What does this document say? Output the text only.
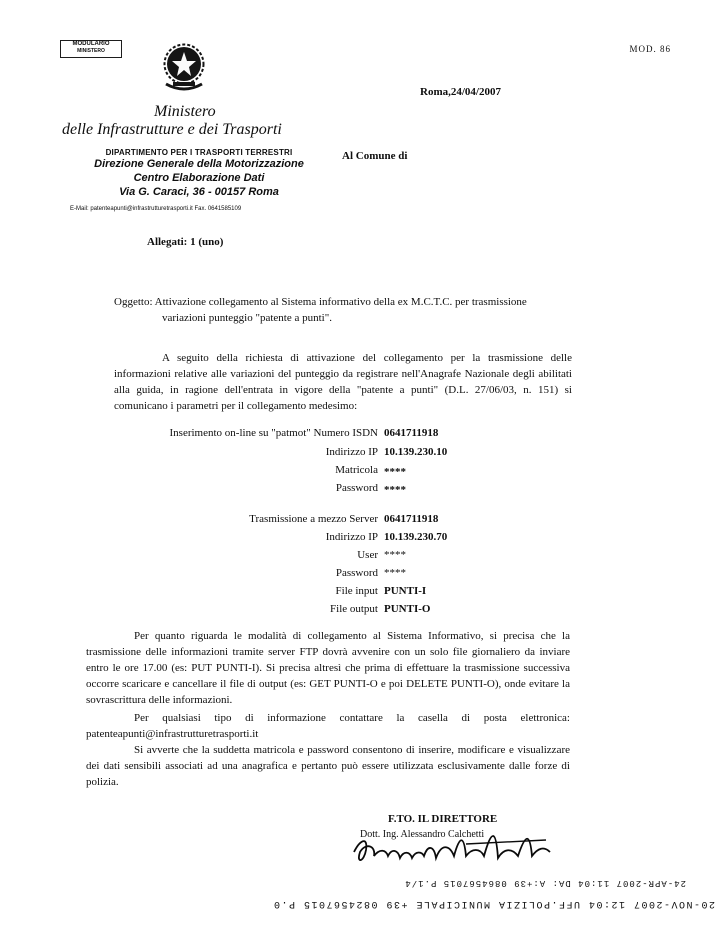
MODULARIO
MINISTERO	MOD. 86
Roma,24/04/2007
Ministero
delle Infrastrutture e dei Trasporti
DIPARTIMENTO PER I TRASPORTI TERRESTRI
Direzione Generale della Motorizzazione
Centro Elaborazione Dati
Via G. Caraci, 36 - 00157 Roma
E-Mail: patenteapunti@infrastrutturetrasporti.it Fax. 0641585109
Al Comune di
Allegati: 1 (uno)
Oggetto: Attivazione collegamento al Sistema informativo della ex M.C.T.C. per trasmissione
variazioni punteggio "patente a punti".
A seguito della richiesta di attivazione del collegamento per la trasmissione delle informazioni relative alle variazioni del punteggio da registrare nell'Anagrafe Nazionale degli abilitati alla guida, in ragione dell'entrata in vigore della "patente a punti" (D.L. 27/06/03, n. 151) si comunicano i parametri per il collegamento medesimo:
Inserimento on-line su "patmot" Numero ISDN 0641711918
Indirizzo IP 10.139.230.10
Matricola ****
Password ****
Trasmissione a mezzo Server 0641711918
Indirizzo IP 10.139.230.70
User ****
Password ****
File input PUNTI-I
File output PUNTI-O
Per quanto riguarda le modalità di collegamento al Sistema Informativo, si precisa che la trasmissione delle informazioni tramite server FTP dovrà avvenire con un solo file giornaliero da inviare entro le ore 17.00 (es: PUT PUNTI-I). Si precisa altresì che prima di effettuare la trasmissione successiva occorre scaricare e cancellare il file di output (es: GET PUNTI-O e poi DELETE PUNTI-O), onde evitare la sovrascrittura delle informazioni.
Per qualsiasi tipo di informazione contattare la casella di posta elettronica: patenteapunti@infrastrutturetrasporti.it
Si avverte che la suddetta matricola e password consentono di inserire, modificare e visualizzare dei dati sensibili associati ad una anagrafica e pertanto può essere utilizzata esclusivamente dalle forze di polizia.
F.TO. IL DIRETTORE
Dott. Ing. Alessandro Calchetti
24-APR-2007 11:04 DA: A:+39 0864567015 P.1/4
20-NOV-2007 12:04 UFF.POLIZIA MUNICIPALE +39 0824567015 P.0
